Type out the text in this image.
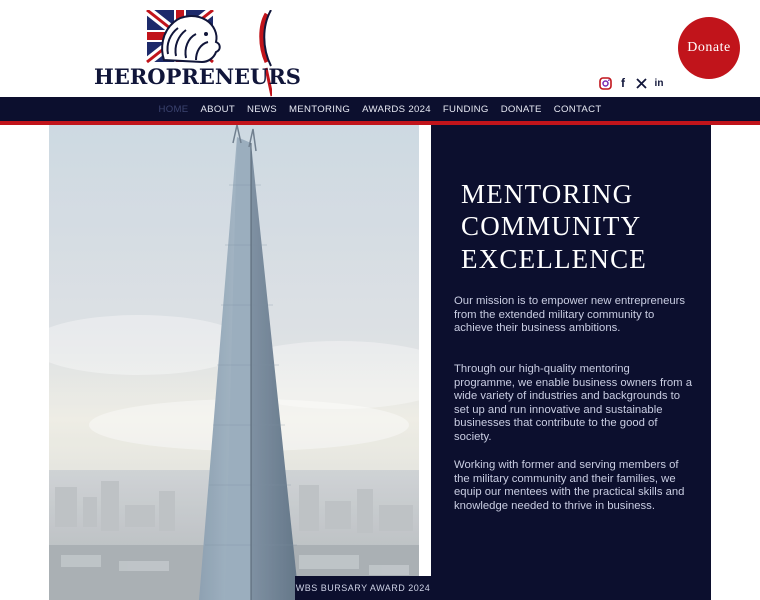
HEROPRENEURS
Donate
f	in
HOME	ABOUT	NEWS	MENTORING	AWARDS 2024	FUNDING	DONATE	CONTACT
WBS BURSARY AWARD 2024
MENTORING
COMMUNITY
EXCELLENCE
Our mission is to empower new entrepreneurs from the extended military community to achieve their business ambitions.
Through our high-quality mentoring programme, we enable business owners from a wide variety of industries and backgrounds to set up and run innovative and sustainable businesses that contribute to the good of society.
Working with former and serving members of the military community and their families, we equip our mentees with the practical skills and knowledge needed to thrive in business.
